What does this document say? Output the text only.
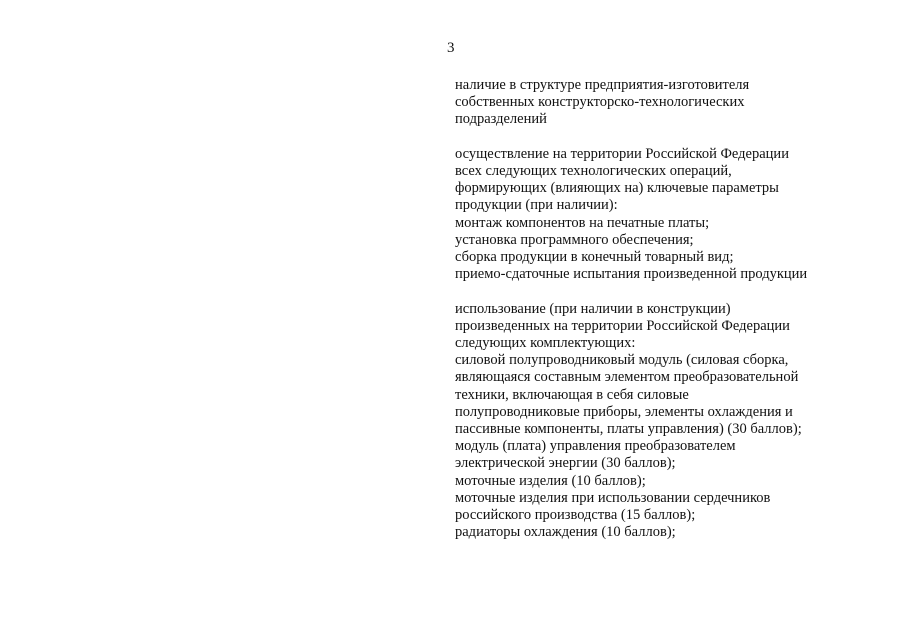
3

наличие в структуре предприятия-изготовителя
собственных конструкторско-технологических
подразделений

осуществление на территории Российской Федерации
всех следующих технологических операций,
формирующих (влияющих на) ключевые параметры
продукции (при наличии):
монтаж компонентов на печатные платы;
установка программного обеспечения;
сборка продукции в конечный товарный вид;
приемо-сдаточные испытания произведенной продукции

использование (при наличии в конструкции)
произведенных на территории Российской Федерации
следующих комплектующих:
силовой полупроводниковый модуль (силовая сборка,
являющаяся составным элементом преобразовательной
техники, включающая в себя силовые
полупроводниковые приборы, элементы охлаждения и
пассивные компоненты, платы управления) (30 баллов);
модуль (плата) управления преобразователем
электрической энергии (30 баллов);
моточные изделия (10 баллов);
моточные изделия при использовании сердечников
российского производства (15 баллов);
радиаторы охлаждения (10 баллов);
